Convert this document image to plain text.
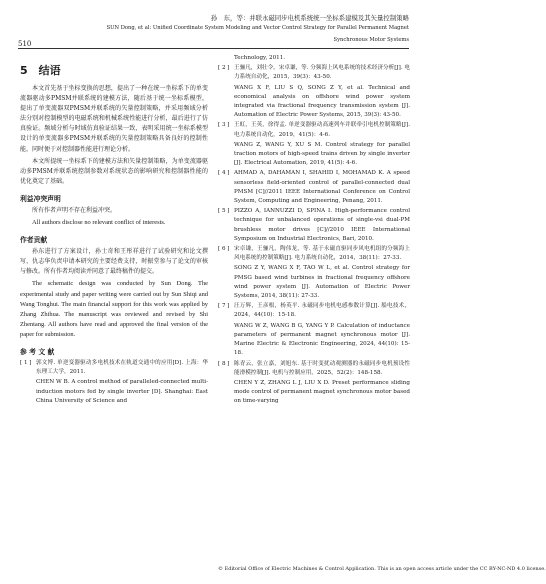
孙　东，等：并联永磁同步电机系统统一坐标系建模及其矢量控制策略
SUN Dong, et al: Unified Coordinate System Modeling and Vector Control Strategy for Parallel Permanent Magnet
510	Synchronous Motor Systems
5　结语

本文首先基于坐标变换的思想，提出了一种在统一坐标系下的单变流器驱动多PMSM并联系统的建模方法，随后基于统一坐标系模型，提出了单变流器双PMSM并联系统的矢量控制策略，并采用频域分析法分别对控制模型的电磁系统和机械系统性能进行分析，最后进行了仿真验证。频域分析与时域仿真验证结果一致，表明采用统一坐标系模型设计的单变流器多PMSM并联系统的矢量控制策略具备良好的控制性能，同时便于对控制器性能进行理论分析。

本文所提统一坐标系下的建模方法和矢量控制策略，为单变流器驱动多PMSM并联系统控制参数对系统状态的影响研究和控制器性能的优化奠定了基础。

利益冲突声明

所有作者声明不存在利益冲突。

All authors disclose no relevant conflict of interests.

作者贡献

孙东进行了方案设计，孙士奇和王彤祥进行了试验研究和论文撰写，仇志华负责申请本研究的主要经费支持，时振堂参与了论文的审核与修改。所有作者均阅读并同意了最终稿件的提交。

The schematic design was conducted by Sun Dong. The experimental study and paper writing were carried out by Sun Shiqi and Wang Tonghui. The main financial support for this work was applied by Zhang Zhihua. The manuscript was reviewed and revised by Shi Zhentang. All authors have read and approved the final version of the paper for submission.

参 考 文 献
[ 1 ] 郭文博. 单逆变器驱动多电机技术在轨道交通中的应用[D]. 上海：华东理工大学，2011.
CHEN W B. A control method of paralleled-connected multi-induction motors fed by single inverter [D]. Shanghai: East China University of Science and
Technology, 2011.
[ 2 ] 王骊凡，刘壮令，宋卓谦，等. 分频海上风电系统的技术经济分析[J]. 电力系统自动化，2015，39(3)：43-50.
WANG X F, LIU S Q, SONG Z Y, et al. Technical and economical analysis on offshore wind power system integrated via fractional frequency transmission system [J]. Automation of Electric Power Systems, 2015, 39(3): 43-50.
[ 3 ] 王虹，王英，徐得孟. 单逆变器驱动高速列车并联牵引电机控制策略[J]. 电力系统自动化，2019，41(5)：4-6.
WANG Z, WANG Y, XU S M. Control strategy for parallel traction motors of high-speed trains driven by single inverter [J]. Electrical Automation, 2019, 41(5): 4-6.
[ 4 ] AHMAD A, DAHAMAN I, SHAHID I, MOHAMAD K. A speed sensorless field-oriented control of parallel-connected dual PMSM [C]//2011 IEEE International Conference on Control System, Computing and Engineering, Penang, 2011.
[ 5 ] PIZZO A, IANNUZZI D, SPINA I. High-performance control technique for unbalanced operations of single-vsi dual-PM brushless motor drives [C]//2010 IEEE International Symposium on Industrial Electronics, Bari, 2010.
[ 6 ] 宋卓谦，王骊凡，陶伟龙，等. 基于永磁直驱同步风电机组的分频海上风电系统的控制策略[J]. 电力系统自动化，2014，38(11)：27-33.
SONG Z Y, WANG X F, TAO W L, et al. Control strategy for PMSG based wind turbines in fractional frequency offshore wind power system [J]. Automation of Electric Power Systems, 2014, 38(11): 27-33.
[ 7 ] 汪万辉，王彦根，杨英平. 永磁同步电机电感参数计算[J]. 船电技术，2024，44(10)：15-18.
WANG W Z, WANG B G, YANG Y P. Calculation of inductance parameters of permanent magnet synchronous motor [J]. Marine Electric & Electronic Engineering, 2024, 44(10): 15-18.
[ 8 ] 陈青云，张立嘉，刘旭东. 基于时变扰动观测器的永磁同步电机预设性能滑模控制[J]. 电机与控制应用，2025，52(2)：148-158.
CHEN Y Z, ZHANG L J, LIU X D. Preset performance sliding mode control of permanent magnet synchronous motor based on time-varying
© Editorial Office of Electric Machines & Control Application. This is an open access article under the CC BY-NC-ND 4.0 license.
